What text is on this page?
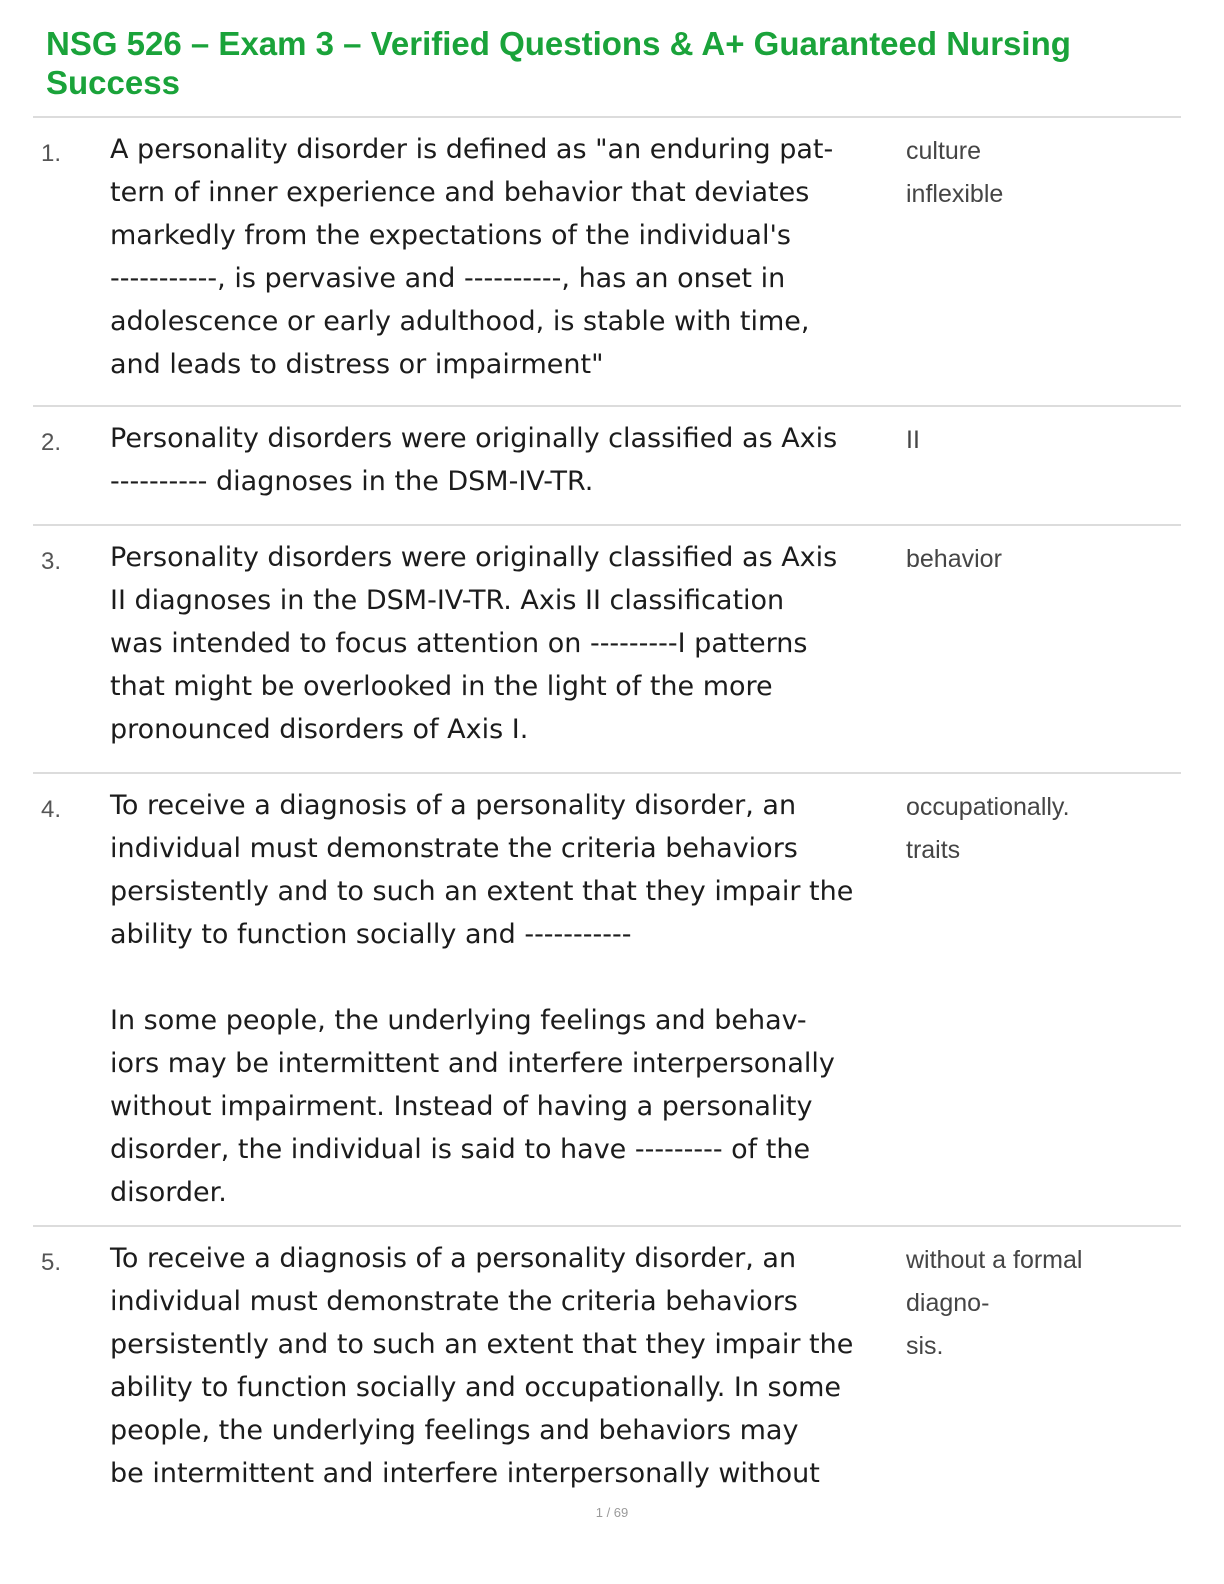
NSG 526 – Exam 3 – Verified Questions & A+ Guaranteed Nursing Success
1. A personality disorder is defined as "an enduring pat-
tern of inner experience and behavior that deviates
markedly from the expectations of the individual's
-----------, is pervasive and ----------, has an onset in
adolescence or early adulthood, is stable with time,
and leads to distress or impairment"
culture
inflexible
2. Personality disorders were originally classified as Axis
---------- diagnoses in the DSM-IV-TR.
II
3. Personality disorders were originally classified as Axis
II diagnoses in the DSM-IV-TR. Axis II classification
was intended to focus attention on ---------I patterns
that might be overlooked in the light of the more
pronounced disorders of Axis I.
behavior
4. To receive a diagnosis of a personality disorder, an
individual must demonstrate the criteria behaviors
persistently and to such an extent that they impair the
ability to function socially and -----------

In some people, the underlying feelings and behav-
iors may be intermittent and interfere interpersonally
without impairment. Instead of having a personality
disorder, the individual is said to have --------- of the
disorder.
occupationally.
traits
5. To receive a diagnosis of a personality disorder, an
individual must demonstrate the criteria behaviors
persistently and to such an extent that they impair the
ability to function socially and occupationally. In some
people, the underlying feelings and behaviors may
be intermittent and interfere interpersonally without
without a formal diagno-
sis.
1 / 69
